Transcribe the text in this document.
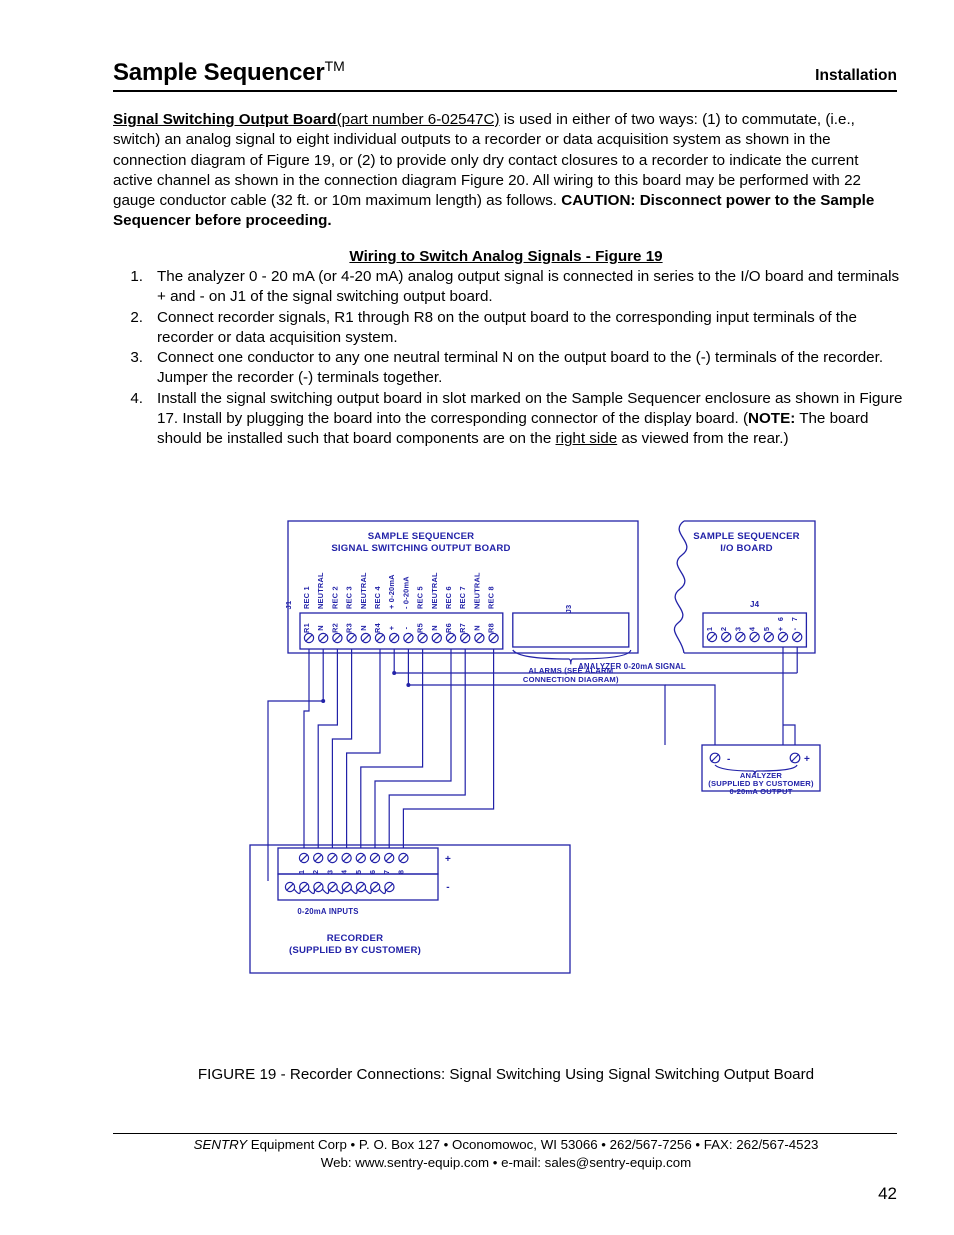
Sample Sequencer™
Installation
Signal Switching Output Board(part number 6-02547C) is used in either of two ways: (1) to commutate, (i.e., switch) an analog signal to eight individual outputs to a recorder or data acquisition system as shown in the connection diagram of Figure 19, or (2) to provide only dry contact closures to a recorder to indicate the current active channel as shown in the connection diagram Figure 20. All wiring to this board may be performed with 22 gauge conductor cable (32 ft. or 10m maximum length) as follows. CAUTION: Disconnect power to the Sample Sequencer before proceeding.
Wiring to Switch Analog Signals - Figure 19
1. The analyzer 0 - 20 mA (or 4-20 mA) analog output signal is connected in series to the I/O board and terminals + and - on J1 of the signal switching output board.
2. Connect recorder signals, R1 through R8 on the output board to the corresponding input terminals of the recorder or data acquisition system.
3. Connect one conductor to any one neutral terminal N on the output board to the (-) terminals of the recorder. Jumper the recorder (-) terminals together.
4. Install the signal switching output board in slot marked on the Sample Sequencer enclosure as shown in Figure 17. Install by plugging the board into the corresponding connector of the display board. (NOTE: The board should be installed such that board components are on the right side as viewed from the rear.)
SAMPLE SEQUENCER
SIGNAL SWITCHING OUTPUT BOARD
J1
R1
REC 1
N
NEUTRAL
R2
REC 2
R3
REC 3
N
NEUTRAL
R4
REC 4
+
+ 0-20mA
-
- 0-20mA
R5
REC 5
N
NEUTRAL
R6
REC 6
R7
REC 7
N
NEUTRAL
R8
REC 8	J3
ALARMS (SEE ALARM
CONNECTION DIAGRAM)
SAMPLE SEQUENCER
I/O BOARD
J4
1 2 3 4 5 +
6
-
7
-	+
ANALYZER
(SUPPLIED BY CUSTOMER)
0-20mA OUTPUT
1 2 3 4 5 6 7 8
+
-
0-20mA INPUTS
RECORDER
(SUPPLIED BY CUSTOMER)
ANALYZER 0-20mA SIGNAL
FIGURE 19 - Recorder Connections: Signal Switching Using Signal Switching Output Board
SENTRY Equipment Corp • P. O. Box 127 • Oconomowoc, WI 53066 • 262/567-7256 • FAX: 262/567-4523
Web: www.sentry-equip.com • e-mail: sales@sentry-equip.com
42
